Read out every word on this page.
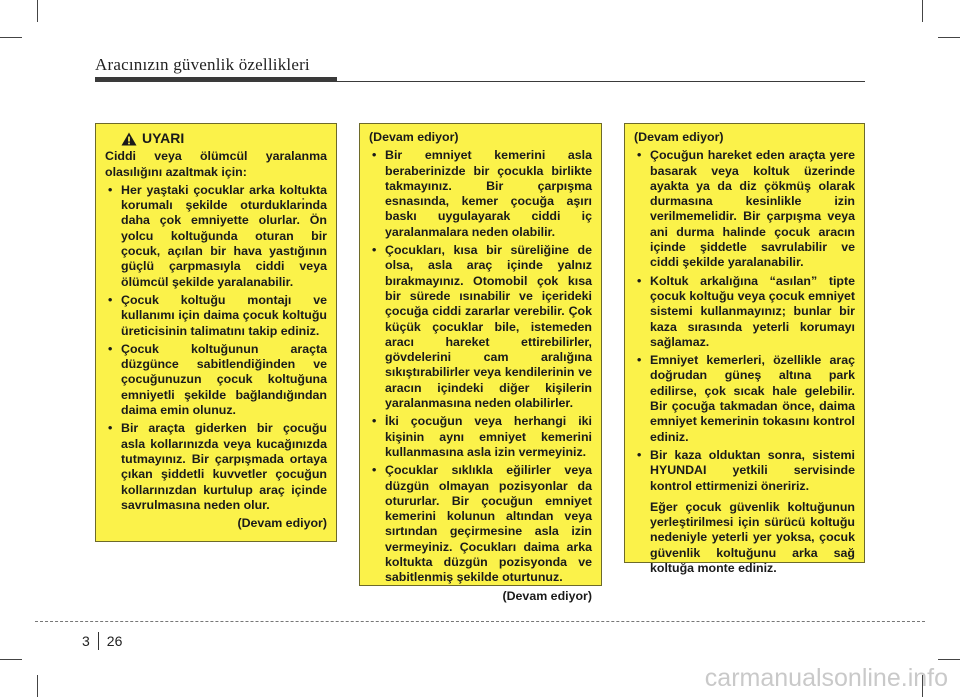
Aracınızın güvenlik özellikleri
UYARI

Ciddi veya ölümcül yaralanma olasılığını azaltmak için:

• Her yaştaki çocuklar arka koltukta korumalı şekilde oturdukları̇nda daha çok emniyette olurlar. Ön yolcu koltuğunda oturan bir çocuk, açılan bir hava yastığının güçlü çarpmasıyla ciddi veya ölümcül şekilde yaralanabilir.
• Çocuk koltuğu montajı ve kullanımı için daima çocuk koltuğu üreticisinin talimatını takip ediniz.
• Çocuk koltuğunun araçta düzgünce sabitlendiğinden ve çocuğunuzun çocuk koltuğuna emniyetli şekilde bağlandığından daima emin olunuz.
• Bir araçta giderken bir çocuğu asla kollarınızda veya kucağınızda tutmayınız. Bir çarpışmada ortaya çıkan şiddetli kuvvetler çocuğun kollarınızdan kurtulup araç içinde savrulmasına neden olur.
(Devam ediyor)

(Devam ediyor)

• Bir emniyet kemerini asla beraberinizde bir çocukla birlikte takmayınız. Bir çarpışma esnasında, kemer çocuğa aşırı baskı uygulayarak ciddi iç yaralanmalara neden olabilir.
• Çocukları, kısa bir süreliğine de olsa, asla araç içinde yalnız bırakmayınız. Otomobil çok kısa bir sürede ısınabilir ve içerideki çocuğa ciddi zararlar verebilir. Çok küçük çocuklar bile, istemeden aracı hareket ettirebilirler, gövdelerini cam aralığına sıkıştırabilirler veya kendilerinin ve aracın içindeki diğer kişilerin yaralanmasına neden olabilirler.
• İki çocuğun veya herhangi iki kişinin aynı emniyet kemerini kullanmasına asla izin vermeyiniz.
• Çocuklar sıklıkla eğilirler veya düzgün olmayan pozisyonlar da otururlar. Bir çocuğun emniyet kemerini kolunun altından veya sırtından geçirmesine asla izin vermeyiniz. Çocukları daima arka koltukta düzgün pozisyonda ve sabitlenmiş şekilde oturtunuz.
(Devam ediyor)

(Devam ediyor)

• Çocuğun hareket eden araçta yere basarak veya koltuk üzerinde ayakta ya da diz çökmüş olarak durmasına kesinlikle izin verilmemelidir. Bir çarpışma veya ani durma halinde çocuk aracın içinde şiddetle savrulabilir ve ciddi şekilde yaralanabilir.
• Koltuk arkalığına “asılan” tipte çocuk koltuğu veya çocuk emniyet sistemi kullanmayınız; bunlar bir kaza sırasında yeterli korumayı sağlamaz.
• Emniyet kemerleri, özellikle araç doğrudan güneş altına park edilirse, çok sıcak hale gelebilir. Bir çocuğa takmadan önce, daima emniyet kemerinin tokasını kontrol ediniz.
• Bir kaza olduktan sonra, sistemi HYUNDAI yetkili servisinde kontrol ettirmenizi öneririz.

Eğer çocuk güvenlik koltuğunun yerleştirilmesi için sürücü koltuğu nedeniyle yeterli yer yoksa, çocuk güvenlik koltuğunu arka sağ koltuğa monte ediniz.

3 26
carmanualsonline.info
